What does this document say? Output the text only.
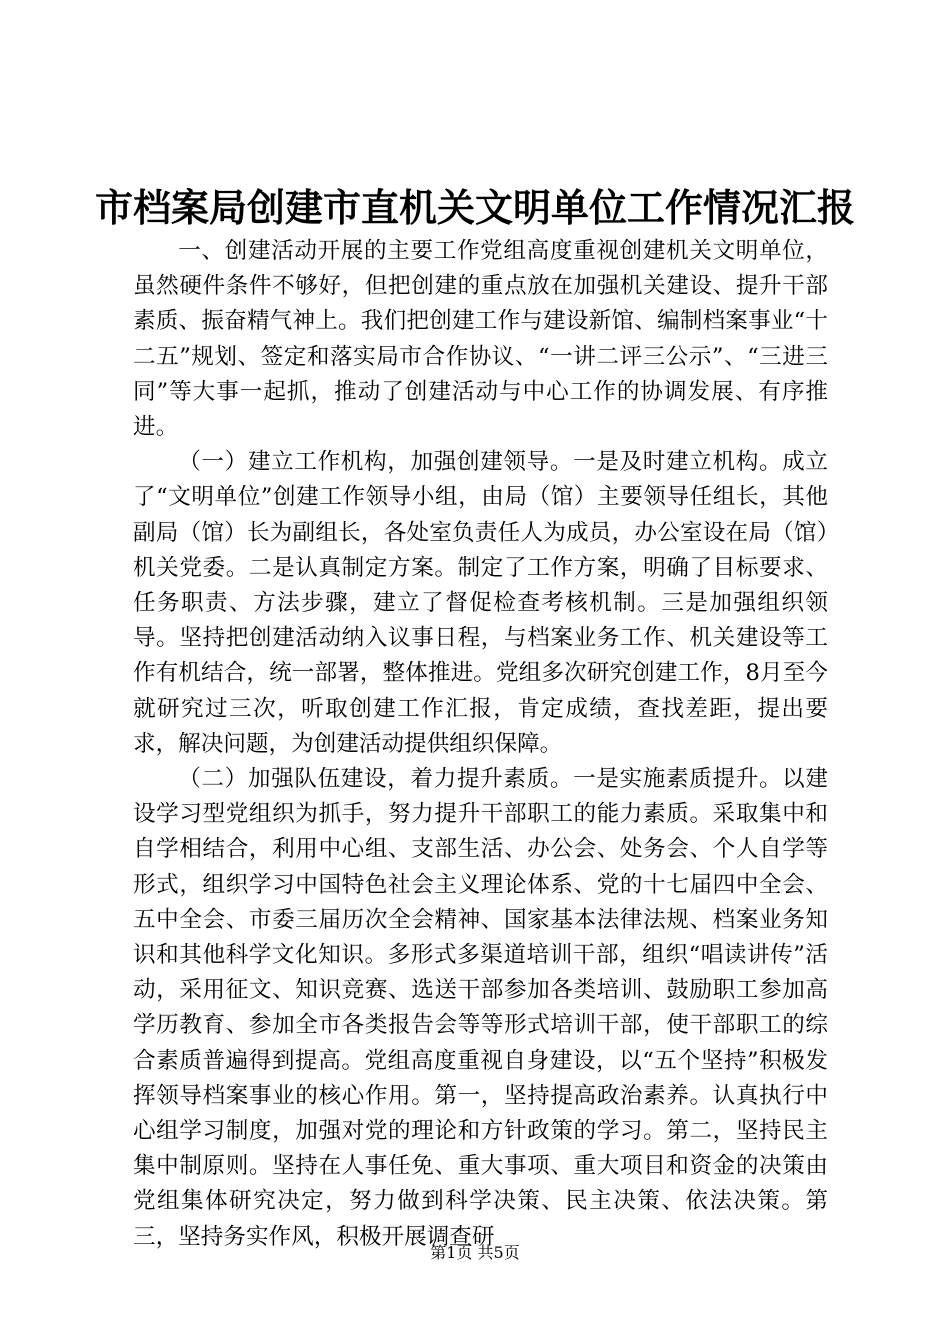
市档案局创建市直机关文明单位工作情况汇报

一、创建活动开展的主要工作党组高度重视创建机关文明单位，虽然硬件条件不够好，但把创建的重点放在加强机关建设、提升干部素质、振奋精气神上。我们把创建工作与建设新馆、编制档案事业“十二五”规划、签定和落实局市合作协议、“一讲二评三公示”、“三进三同”等大事一起抓，推动了创建活动与中心工作的协调发展、有序推进。

（一）建立工作机构，加强创建领导。一是及时建立机构。成立了“文明单位”创建工作领导小组，由局（馆）主要领导任组长，其他副局（馆）长为副组长，各处室负责任人为成员，办公室设在局（馆）机关党委。二是认真制定方案。制定了工作方案，明确了目标要求、任务职责、方法步骤，建立了督促检查考核机制。三是加强组织领导。坚持把创建活动纳入议事日程，与档案业务工作、机关建设等工作有机结合，统一部署，整体推进。党组多次研究创建工作，8月至今就研究过三次，听取创建工作汇报，肯定成绩，查找差距，提出要求，解决问题，为创建活动提供组织保障。

（二）加强队伍建设，着力提升素质。一是实施素质提升。以建设学习型党组织为抓手，努力提升干部职工的能力素质。采取集中和自学相结合，利用中心组、支部生活、办公会、处务会、个人自学等形式，组织学习中国特色社会主义理论体系、党的十七届四中全会、五中全会、市委三届历次全会精神、国家基本法律法规、档案业务知识和其他科学文化知识。多形式多渠道培训干部，组织“唱读讲传”活动，采用征文、知识竞赛、选送干部参加各类培训、鼓励职工参加高学历教育、参加全市各类报告会等等形式培训干部，使干部职工的综合素质普遍得到提高。党组高度重视自身建设，以“五个坚持”积极发挥领导档案事业的核心作用。第一，坚持提高政治素养。认真执行中心组学习制度，加强对党的理论和方针政策的学习。第二，坚持民主集中制原则。坚持在人事任免、重大事项、重大项目和资金的决策由党组集体研究决定，努力做到科学决策、民主决策、依法决策。第三，坚持务实作风，积极开展调查研

第1页 共5页
